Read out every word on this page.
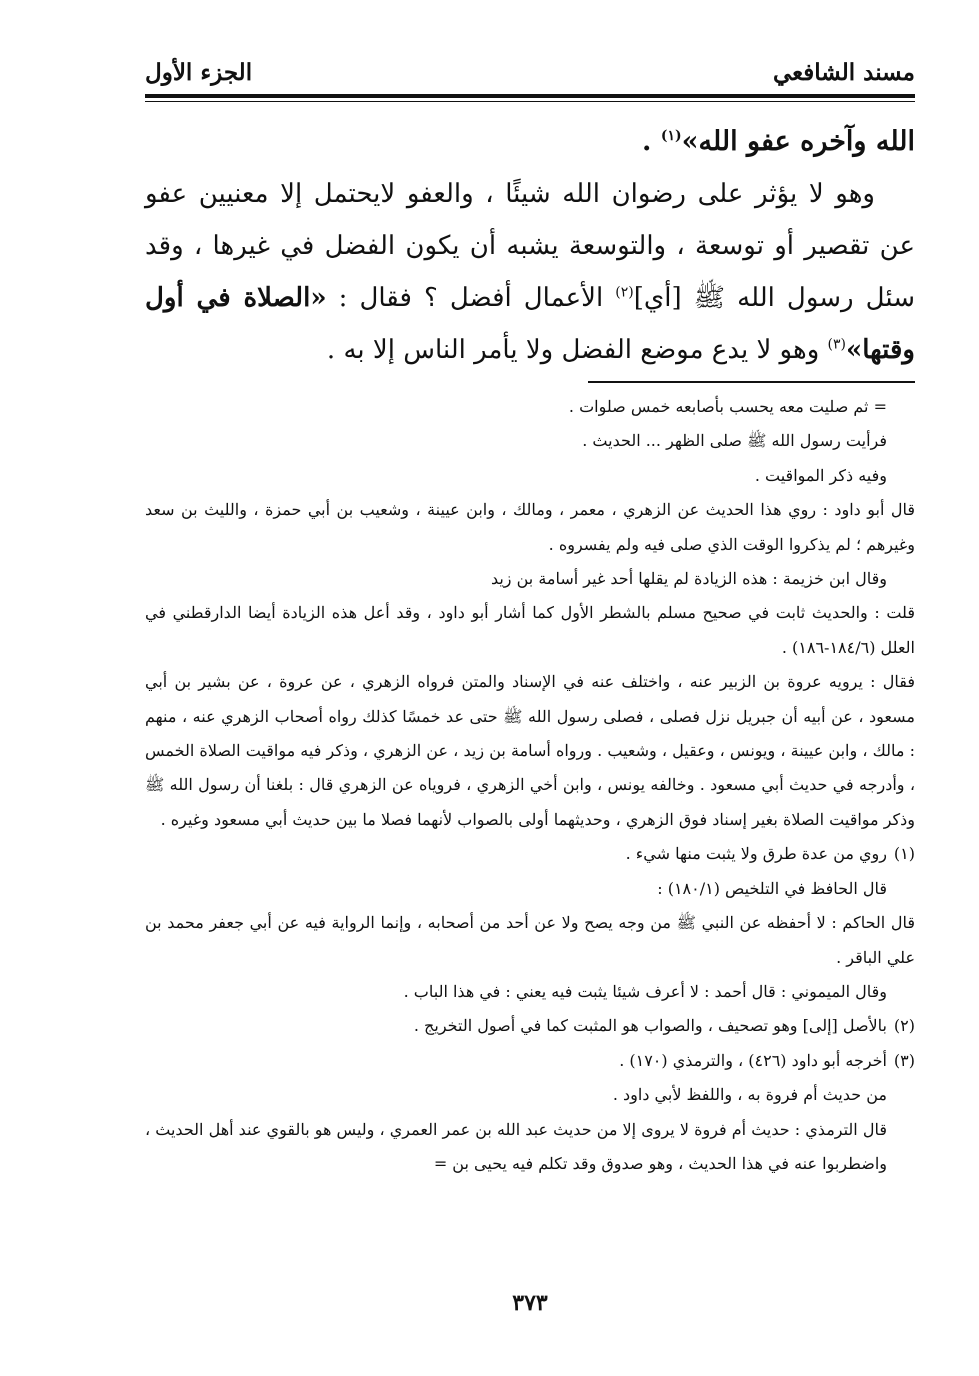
مسند الشافعي
الجزء الأول

الله وآخره عفو الله»$^{(١)}$ .

وهو لا يؤثر على رضوان الله شيئًا ، والعفو لايحتمل إلا معنيين عفو عن تقصير أو توسعة ، والتوسعة يشبه أن يكون الفضل في غيرها ، وقد سئل رسول الله ﷺ [أي]$^{(٢)}$ الأعمال أفضل ؟ فقال : «الصلاة في أول وقتها»$^{(٣)}$ وهو لا يدع موضع الفضل ولا يأمر الناس إلا به .

= ثم صليت معه يحسب بأصابعه خمس صلوات .

فرأيت رسول الله ﷺ صلى الظهر ... الحديث .

وفيه ذكر المواقيت .

قال أبو داود : روي هذا الحديث عن الزهري ، معمر ، ومالك ، وابن عيينة ، وشعيب بن أبي حمزة ، والليث بن سعد وغيرهم ؛ لم يذكروا الوقت الذي صلى فيه ولم يفسروه .

وقال ابن خزيمة : هذه الزيادة لم يقلها أحد غير أسامة بن زيد

قلت : والحديث ثابت في صحيح مسلم بالشطر الأول كما أشار أبو داود ، وقد أعل هذه الزيادة أيضا الدارقطني في العلل (١٨٤/٦-١٨٦) .

فقال : يرويه عروة بن الزبير عنه ، واختلف عنه في الإسناد والمتن فرواه الزهري ، عن عروة ، عن بشير بن أبي مسعود ، عن أبيه أن جبريل نزل فصلى ، فصلى رسول الله ﷺ حتى عد خمسًا كذلك رواه أصحاب الزهري عنه ، منهم : مالك ، وابن عيينة ، ويونس ، وعقيل ، وشعيب . ورواه أسامة بن زيد ، عن الزهري ، وذكر فيه مواقيت الصلاة الخمس ، وأدرجه في حديث أبي مسعود . وخالفه يونس ، وابن أخي الزهري ، فروياه عن الزهري قال : بلغنا أن رسول الله ﷺ وذكر مواقيت الصلاة بغير إسناد فوق الزهري ، وحديثهما أولى بالصواب لأنهما فصلا ما بين حديث أبي مسعود وغيره .

(١)روي من عدة طرق ولا يثبت منها شيء .

قال الحافظ في التلخيص (١٨٠/١) :

قال الحاكم : لا أحفظه عن النبي ﷺ من وجه يصح ولا عن أحد من أصحابه ، وإنما الرواية فيه عن أبي جعفر محمد بن علي الباقر .

وقال الميموني : قال أحمد : لا أعرف شيئا يثبت فيه يعني : في هذا الباب .

(٢)بالأصل [إلى] وهو تصحيف ، والصواب هو المثبت كما في أصول التخريج .

(٣)أخرجه أبو داود (٤٢٦) ، والترمذي (١٧٠) .

من حديث أم فروة به ، واللفظ لأبي داود .

قال الترمذي : حديث أم فروة لا يروى إلا من حديث عبد الله بن عمر العمري ، وليس هو بالقوي عند أهل الحديث ، واضطربوا عنه في هذا الحديث ، وهو صدوق وقد تكلم فيه يحيى بن =

٣٧٣
